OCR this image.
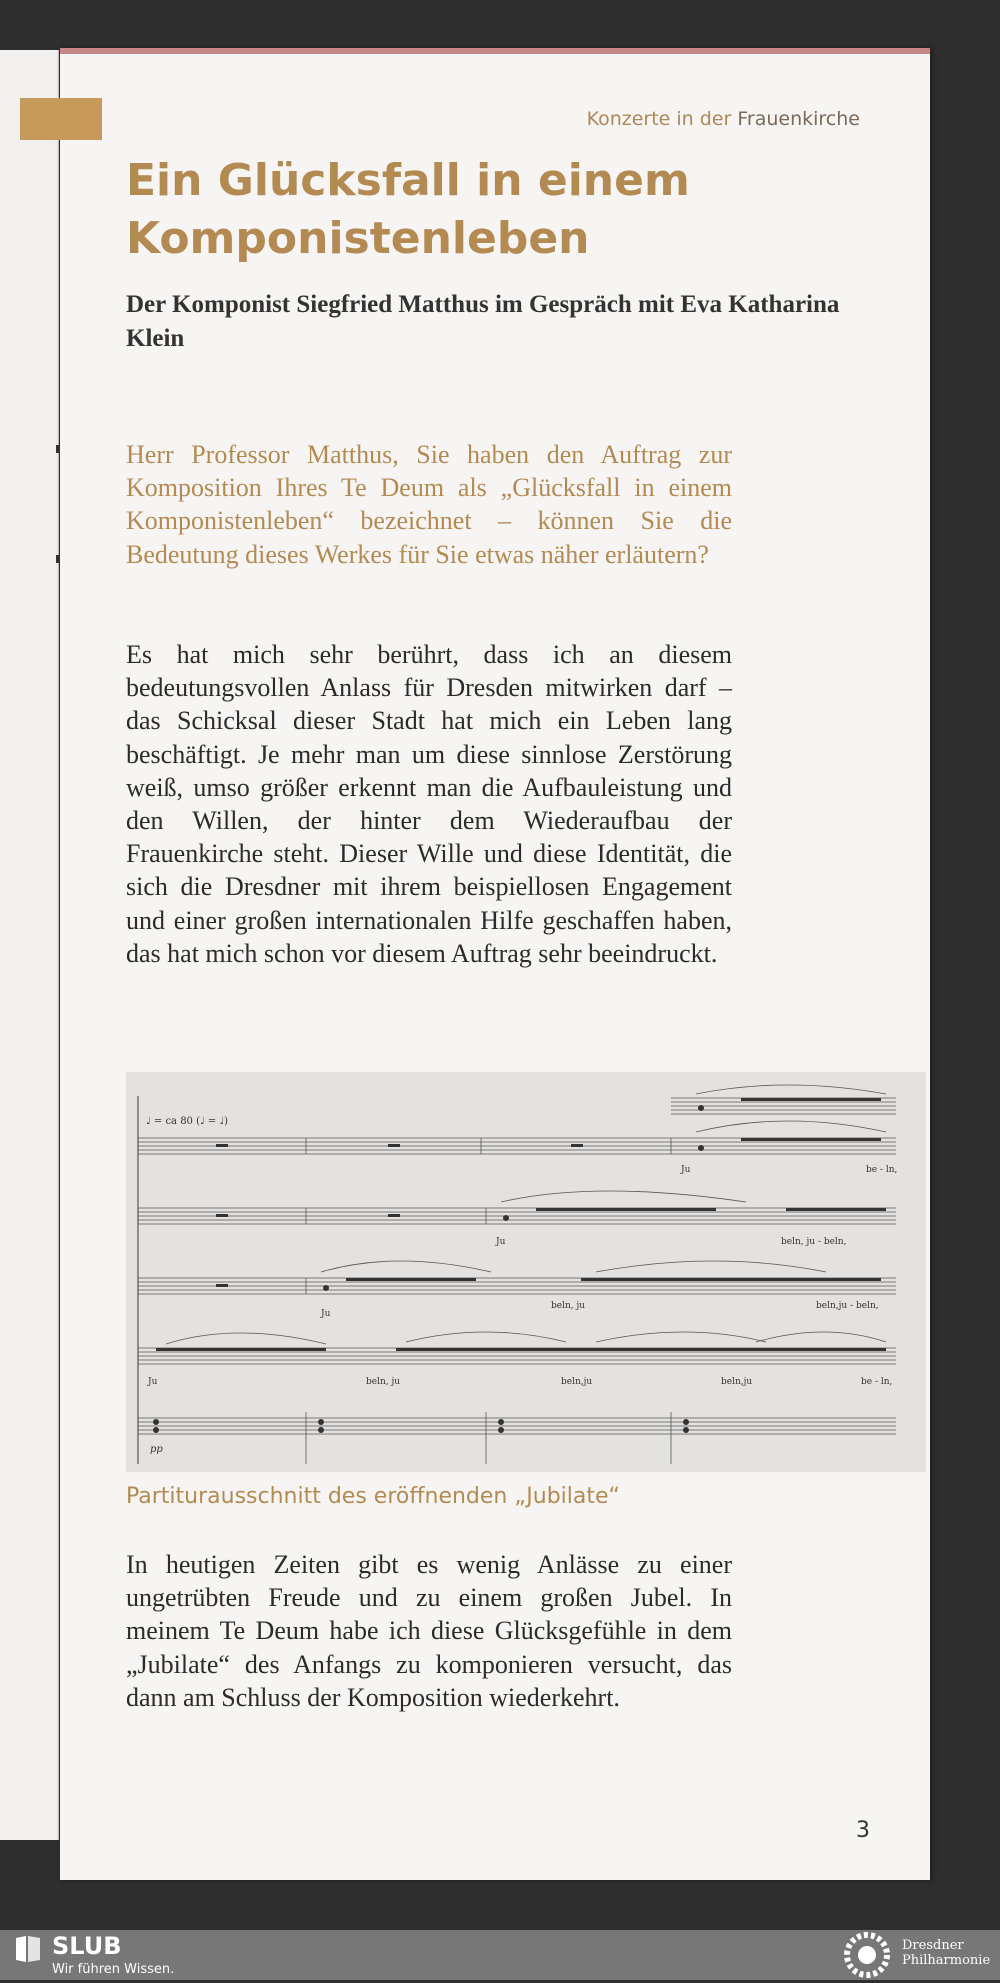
Konzerte in der Frauenkirche
Ein Glücksfall in einem Komponistenleben
Der Komponist Siegfried Matthus im Gespräch mit Eva Katharina Klein

Herr Professor Matthus, Sie haben den Auftrag zur Komposition Ihres Te Deum als „Glücksfall in einem Komponistenleben“ bezeichnet – können Sie die Bedeutung dieses Werkes für Sie etwas näher erläutern?

Es hat mich sehr berührt, dass ich an diesem bedeutungsvollen Anlass für Dresden mitwirken darf – das Schicksal dieser Stadt hat mich ein Leben lang beschäftigt. Je mehr man um diese sinnlose Zerstörung weiß, umso größer erkennt man die Aufbauleistung und den Willen, der hinter dem Wiederaufbau der Frauenkirche steht. Dieser Wille und diese Identität, die sich die Dresdner mit ihrem beispiellosen Engagement und einer großen internationalen Hilfe geschaffen haben, das hat mich schon vor diesem Auftrag sehr beeindruckt.

♩ = ca 80 (♩ = ♩)
Ju	be - ln,
Ju	beln, ju - beln,
Ju
beln, ju	beln,ju - beln,
Ju	beln, ju	beln,ju	beln,ju	be - ln,
pp
Partiturausschnitt des eröffnenden „Jubilate“

In heutigen Zeiten gibt es wenig Anlässe zu einer ungetrübten Freude und zu einem großen Jubel. In meinem Te Deum habe ich diese Glücksgefühle in dem „Jubilate“ des Anfangs zu komponieren versucht, das dann am Schluss der Komposition wiederkehrt.

3
SLUB
Wir führen Wissen.
Dresdner
Philharmonie
